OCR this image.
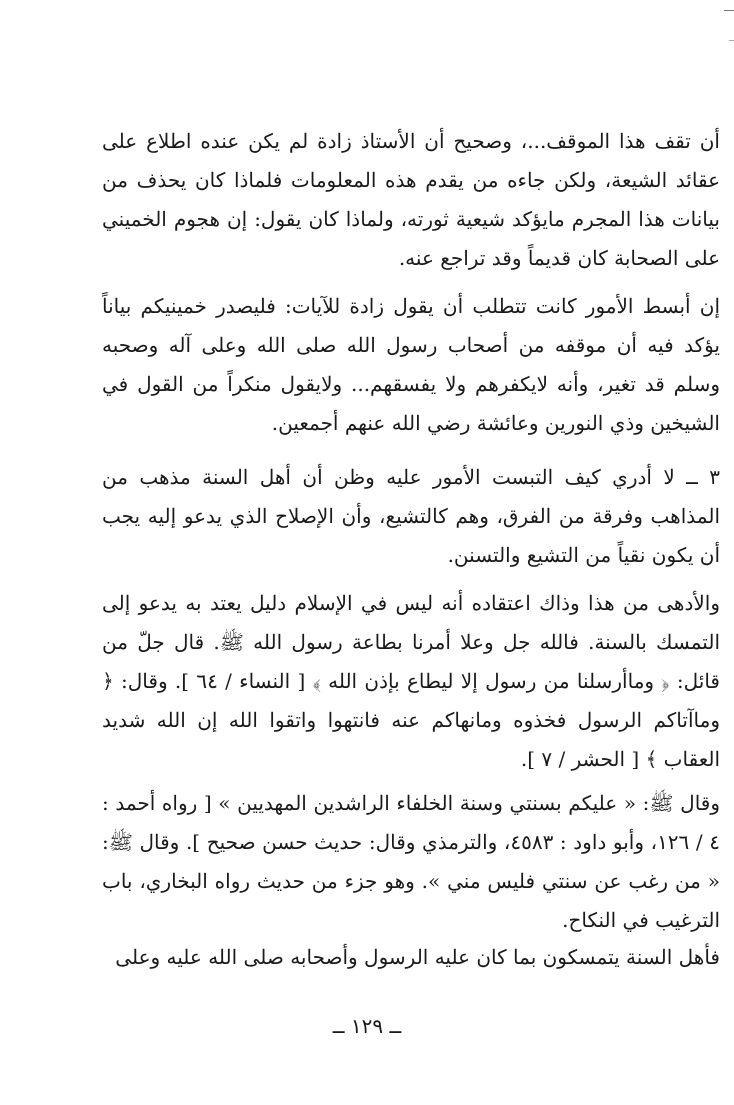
أن تقف هذا الموقف...، وصحيح أن الأستاذ زادة لم يكن عنده اطلاع على عقائد الشيعة، ولكن جاءه من يقدم هذه المعلومات فلماذا كان يحذف من بيانات هذا المجرم مايؤكد شيعية ثورته، ولماذا كان يقول: إن هجوم الخميني على الصحابة كان قديماً وقد تراجع عنه.
إن أبسط الأمور كانت تتطلب أن يقول زادة للآيات: فليصدر خمينيكم بياناً يؤكد فيه أن موقفه من أصحاب رسول الله صلى الله وعلى آله وصحبه وسلم قد تغير، وأنه لايكفرهم ولا يفسقهم... ولايقول منكراً من القول في الشيخين وذي النورين وعائشة رضي الله عنهم أجمعين.
٣ ــ لا أدري كيف التبست الأمور عليه وظن أن أهل السنة مذهب من المذاهب وفرقة من الفرق، وهم كالتشيع، وأن الإصلاح الذي يدعو إليه يجب أن يكون نقياً من التشيع والتسنن.
والأدهى من هذا وذاك اعتقاده أنه ليس في الإسلام دليل يعتد به يدعو إلى التمسك بالسنة. فالله جل وعلا أمرنا بطاعة رسول الله ﷺ. قال جلّ من قائل: ﴿ وماأرسلنا من رسول إلا ليطاع بإذن الله ﴾ [ النساء / ٦٤ ]. وقال: ﴿ وماآتاكم الرسول فخذوه ومانهاكم عنه فانتهوا واتقوا الله إن الله شديد العقاب ﴾ [ الحشر / ٧ ].
وقال ﷺ: « عليكم بسنتي وسنة الخلفاء الراشدين المهديين » [ رواه أحمد : ٤ / ١٢٦، وأبو داود : ٤٥٨٣، والترمذي وقال: حديث حسن صحيح ]. وقال ﷺ: « من رغب عن سنتي فليس مني ». وهو جزء من حديث رواه البخاري، باب الترغيب في النكاح.
فأهل السنة يتمسكون بما كان عليه الرسول وأصحابه صلى الله عليه وعلى
ــ ١٢٩ ــ
